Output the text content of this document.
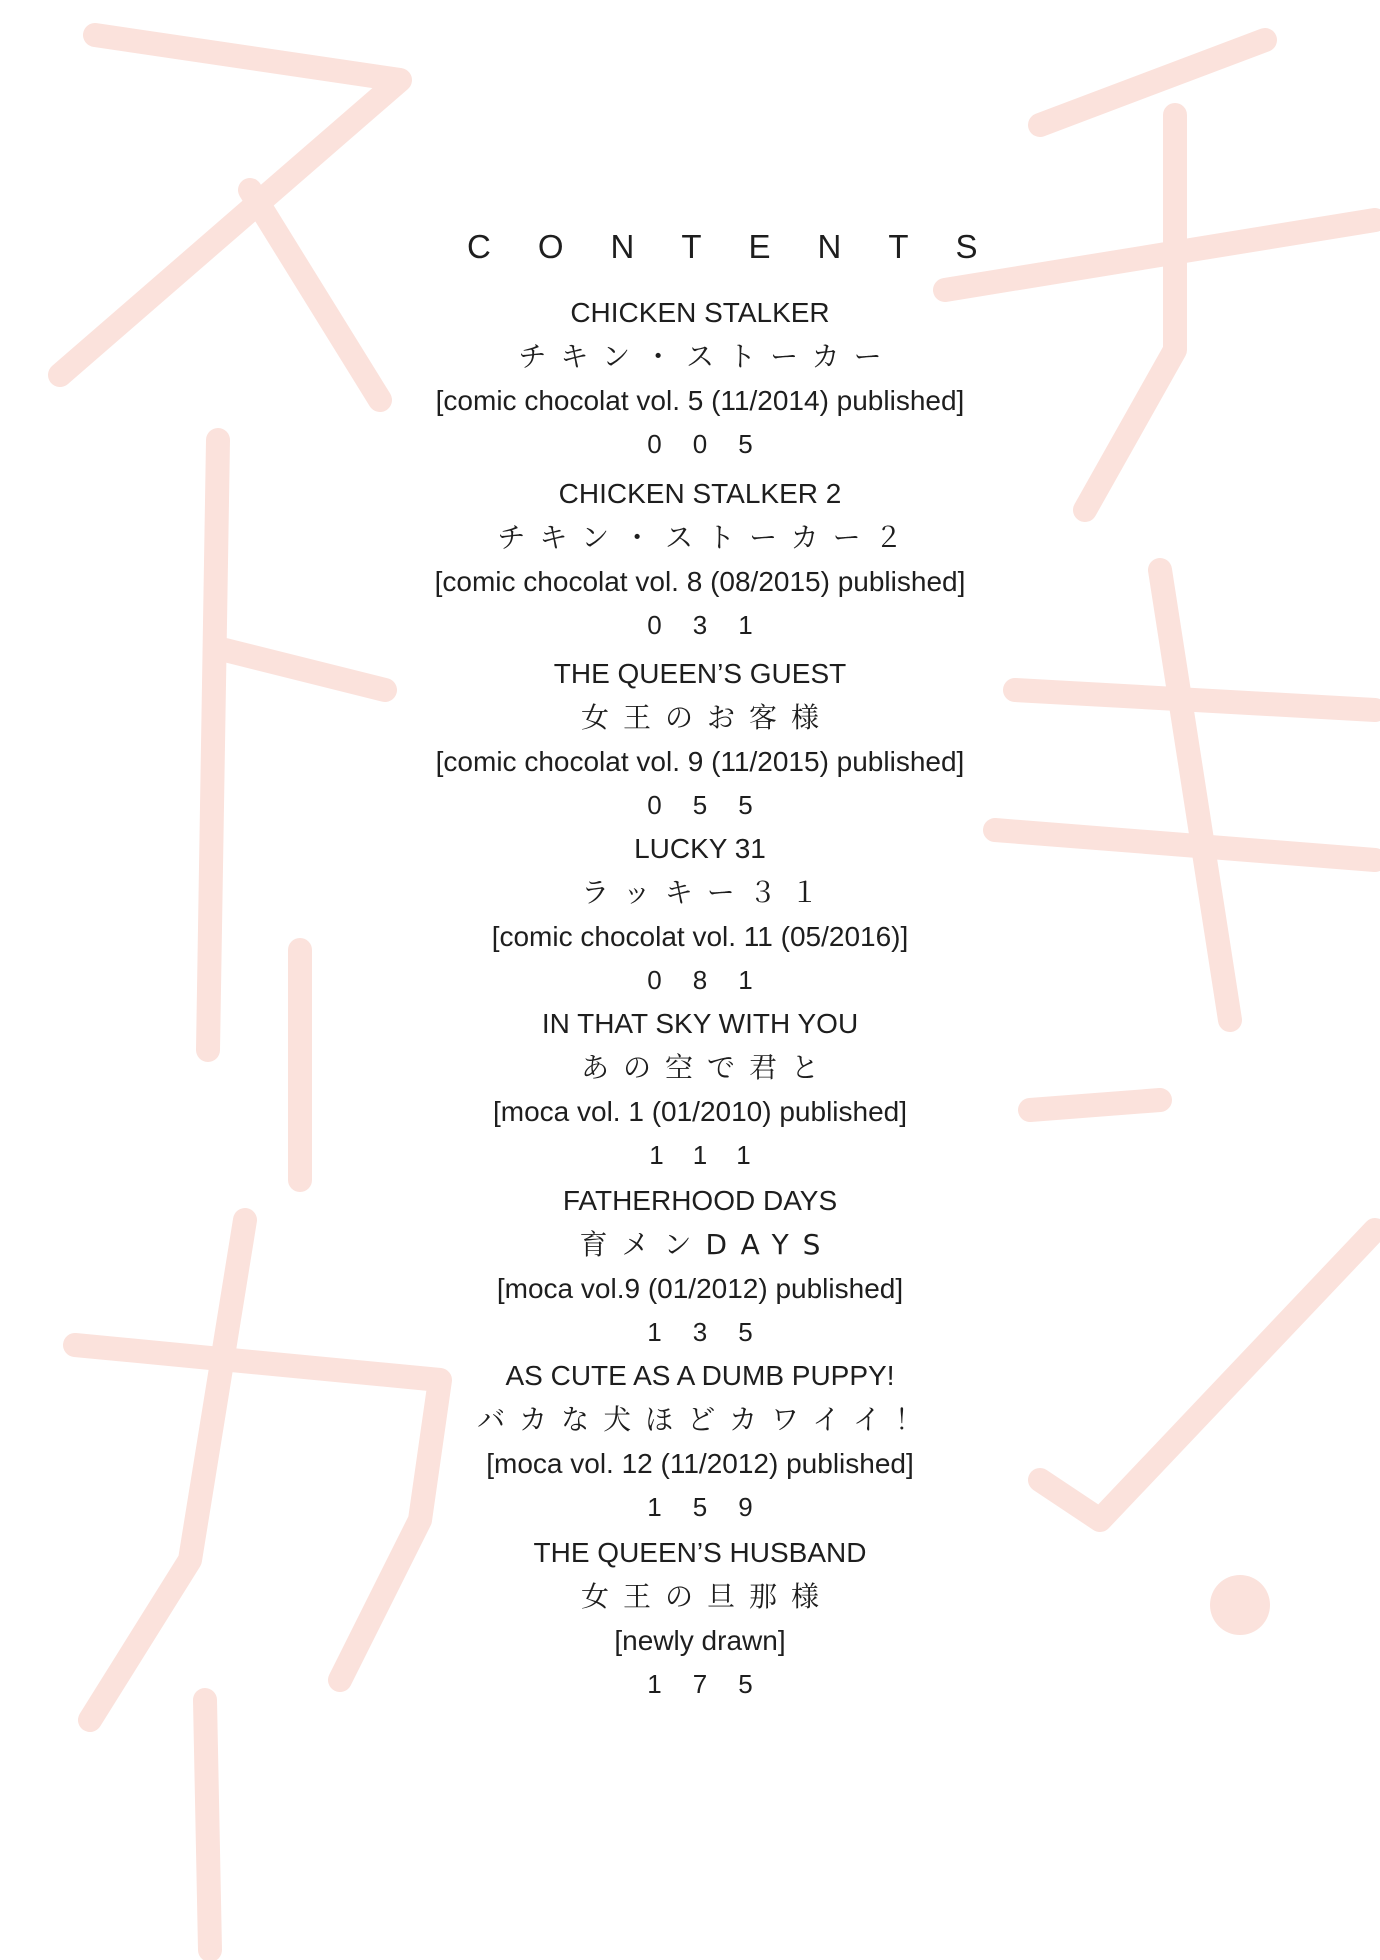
CONTENTS
CHICKEN STALKER
チキン・ストーカー
[comic chocolat vol. 5 (11/2014) published]
005
CHICKEN STALKER 2
チキン・ストーカー２
[comic chocolat vol. 8 (08/2015) published]
031
THE QUEEN’S GUEST
女王のお客様
[comic chocolat vol. 9 (11/2015) published]
055
LUCKY 31
ラッキー３１
[comic chocolat vol. 11 (05/2016)]
081
IN THAT SKY WITH YOU
あの空で君と
[moca vol. 1 (01/2010) published]
111
FATHERHOOD DAYS
育メンDAYS
[moca vol.9 (01/2012) published]
135
AS CUTE AS A DUMB PUPPY!
バカな犬ほどカワイイ！
[moca vol. 12 (11/2012) published]
159
THE QUEEN’S HUSBAND
女王の旦那様
[newly drawn]
175
